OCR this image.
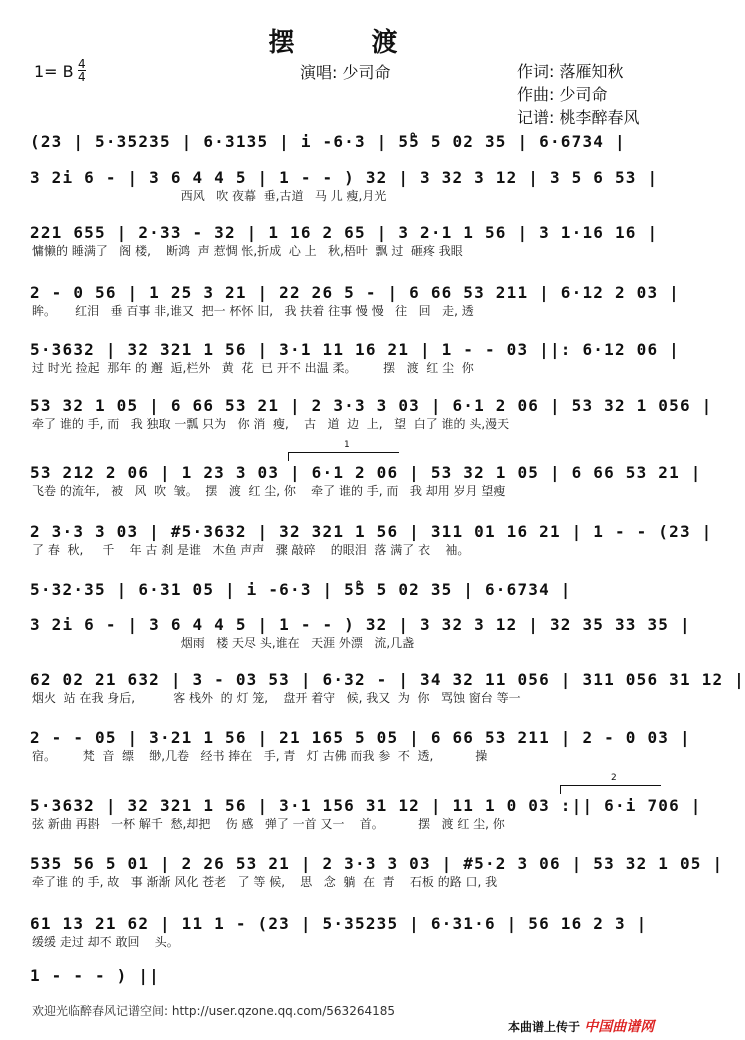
摆 渡
1= B 4
4	演唱: 少司命	作词: 落雁知秋
作曲: 少司命
记谱: 桃李醉春风
(23 | 5·35235 | 6·3135 | i -6·3 | 5̊5 5 02 35 | 6·6734 |
3 2i 6 - | 3 6 4 4 5 | 1 - - ) 32 | 3 32 3 12 | 3 5 6 53 |
西风   吹 夜幕  垂,古道   马 儿 瘦,月光
221 655 | 2·33 - 32 | 1 16 2 65 | 3 2·1 1 56 | 3 1·16 16 |
慵懒的 睡满了   阁 楼,    断鸿  声 惹惆 怅,折成  心 上   秋,梧叶  飘 过  砸疼 我眼
2 - 0 56 | 1 25 3 21 | 22 26 5 - | 6 66 53 211 | 6·12 2 03 |
眸。     红泪   垂 百事 非,谁又  把一 杯怀 旧,   我 扶着 往事 慢 慢   往   回   走, 透
5·3632 | 32 321 1 56 | 3·1 11 16 21 | 1 - - 03 ||: 6·12 06 |
过 时光 捡起  那年 的 邂  逅,栏外   黄  花  已 开不 出温 柔。       摆   渡  红 尘  你
53 32 1 05 | 6 66 53 21 | 2 3·3 3 03 | 6·1 2 06 | 53 32 1 056 |
牵了 谁的 手, 而   我 独取 一瓢 只为   你 消  瘦,    古   道  边  上,   望  白了 谁的 头,漫天
1
53 212 2 06 | 1 23 3 03 | 6·1 2 06 | 53 32 1 05 | 6 66 53 21 |
飞卷 的流年,   被   风  吹  皱。  摆   渡  红 尘, 你    牵了 谁的 手, 而   我 却用 岁月 望瘦
2 3·3 3 03 | #5·3632 | 32 321 1 56 | 311 01 16 21 | 1 - - (23 |
了 春  秋,     千    年 古 刹 是谁   木鱼 声声   骤 敲碎    的眼泪  落 满了 衣    袖。
5·32·35 | 6·31 05 | i -6·3 | 5̊5 5 02 35 | 6·6734 |
3 2i 6 - | 3 6 4 4 5 | 1 - - ) 32 | 3 32 3 12 | 32 35 33 35 |
烟雨   楼 天尽 头,谁在   天涯 外漂   流,几盏
62 02 21 632 | 3 - 03 53 | 6·32 - | 34 32 11 056 | 311 056 31 12 |
烟火  站 在我 身后,          客 栈外  的 灯 笼,    盘开 着守   候, 我又  为  你   骂蚀 窗台 等一
2 - - 05 | 3·21 1 56 | 21 165 5 05 | 6 66 53 211 | 2 - 0 03 |
宿。       梵  音  缥    缈,几卷   经书 捧在   手, 青   灯 古佛 而我 参  不  透,           操
2
5·3632 | 32 321 1 56 | 3·1 156 31 12 | 11 1 0 03 :|| 6·i 706 |
弦 新曲 再斟   一杯 解千  愁,却把    伤 感   弹了 一首 又一    首。         摆   渡 红 尘, 你
535 56 5 01 | 2 26 53 21 | 2 3·3 3 03 | #5·2 3 06 | 53 32 1 05 |
牵了谁 的 手, 故   事 渐渐 风化 苍老   了 等 候,    思   念  躺  在  青    石板 的路 口, 我
61 13 21 62 | 11 1 - (23 | 5·35235 | 6·31·6 | 56 16 2 3 |
缓缓 走过 却不 敢回    头。
1 - - - ) ||
欢迎光临醉春风记谱空间: http://user.qzone.qq.com/563264185
本曲谱上传于 中国曲谱网
